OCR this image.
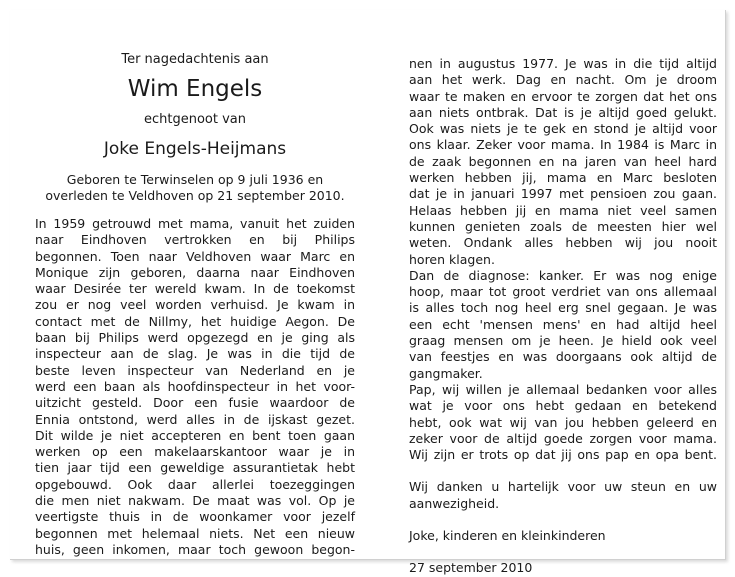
Ter nagedachtenis aan

Wim Engels

echtgenoot van

Joke Engels-Heijmans
Geboren te Terwinselen op 9 juli 1936 en
overleden te Veldhoven op 21 september 2010.
In 1959 getrouwd met mama, vanuit het zuiden
naar Eindhoven vertrokken en bij Philips
begonnen. Toen naar Veldhoven waar Marc en
Monique zijn geboren, daarna naar Eindhoven
waar Desirée ter wereld kwam. In de toekomst
zou er nog veel worden verhuisd. Je kwam in
contact met de Nillmy, het huidige Aegon. De
baan bij Philips werd opgezegd en je ging als
inspecteur aan de slag. Je was in die tijd de
beste leven inspecteur van Nederland en je
werd een baan als hoofdinspecteur in het voor-
uitzicht gesteld. Door een fusie waardoor de
Ennia ontstond, werd alles in de ijskast gezet.
Dit wilde je niet accepteren en bent toen gaan
werken op een makelaarskantoor waar je in
tien jaar tijd een geweldige assurantietak hebt
opgebouwd. Ook daar allerlei toezeggingen
die men niet nakwam. De maat was vol. Op je
veertigste thuis in de woonkamer voor jezelf
begonnen met helemaal niets. Net een nieuw
huis, geen inkomen, maar toch gewoon begon-
nen in augustus 1977. Je was in die tijd altijd
aan het werk. Dag en nacht. Om je droom
waar te maken en ervoor te zorgen dat het ons
aan niets ontbrak. Dat is je altijd goed gelukt.
Ook was niets je te gek en stond je altijd voor
ons klaar. Zeker voor mama. In 1984 is Marc in
de zaak begonnen en na jaren van heel hard
werken hebben jij, mama en Marc besloten
dat je in januari 1997 met pensioen zou gaan.
Helaas hebben jij en mama niet veel samen
kunnen genieten zoals de meesten hier wel
weten. Ondank alles hebben wij jou nooit
horen klagen.
Dan de diagnose: kanker. Er was nog enige
hoop, maar tot groot verdriet van ons allemaal
is alles toch nog heel erg snel gegaan. Je was
een echt 'mensen mens' en had altijd heel
graag mensen om je heen. Je hield ook veel
van feestjes en was doorgaans ook altijd de
gangmaker.
Pap, wij willen je allemaal bedanken voor alles
wat je voor ons hebt gedaan en betekend
hebt, ook wat wij van jou hebben geleerd en
zeker voor de altijd goede zorgen voor mama.
Wij zijn er trots op dat jij ons pap en opa bent.
Wij danken u hartelijk voor uw steun en uw
aanwezigheid.

Joke, kinderen en kleinkinderen

27 september 2010
